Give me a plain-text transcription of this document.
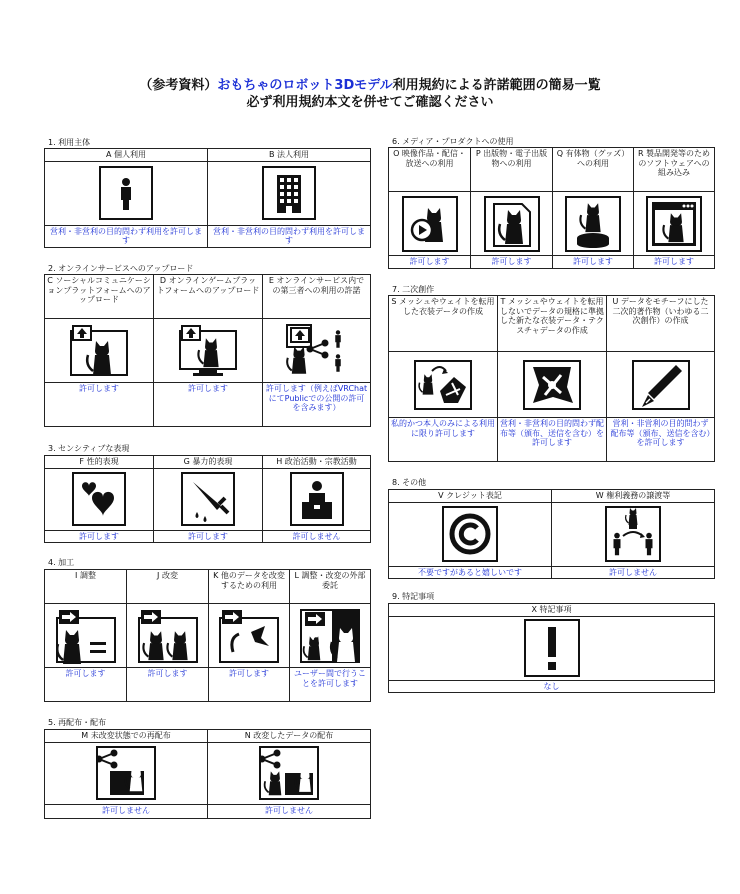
（参考資料）おもちゃのロボット3Dモデル利用規約による許諾範囲の簡易一覧
必ず利用規約本文を併せてご確認ください
1. 利用主体
A 個人利用	B 法人利用

営利・非営利の目的問わず利用を許可します	営利・非営利の目的問わず利用を許可します
2. オンラインサービスへのアップロード
C ソーシャルコミュニケーションプラットフォームへのアップロード	D オンラインゲームプラットフォームへのアップロード	E オンラインサービス内での第三者への利用の許諾

許可します	許可します	許可します（例えばVRChatにてPublicでの公開の許可を含みます）
3. センシティブな表現
F 性的表現	G 暴力的表現	H 政治活動・宗教活動

許可します	許可します	許可しません
4. 加工
I 調整	J 改変	K 他のデータを改変するための利用	L 調整・改変の外部委託

許可します	許可します	許可します	ユーザー間で行うことを許可します
5. 再配布・配布
M 未改変状態での再配布	N 改変したデータの配布

許可しません	許可しません
6. メディア・プロダクトへの使用
O 映像作品・配信・放送への利用	P 出版物・電子出版物への利用	Q 有体物（グッズ）への利用	R 製品開発等のためのソフトウェアへの組み込み

許可します	許可します	許可します	許可します
7. 二次創作
S メッシュやウェイトを転用した衣装データの作成	T メッシュやウェイトを転用しないでデータの規格に準拠した新たな衣装データ・テクスチャデータの作成	U データをモチーフにした二次的著作物（いわゆる二次創作）の作成

私的かつ本人のみによる利用に限り許可します	営利・非営利の目的問わず配布等（頒布、送信を含む）を許可します	営利・非営利の目的問わず配布等（頒布、送信を含む）を許可します
8. その他
V クレジット表記	W 権利義務の譲渡等

不要ですがあると嬉しいです	許可しません
9. 特記事項
X 特記事項

なし
